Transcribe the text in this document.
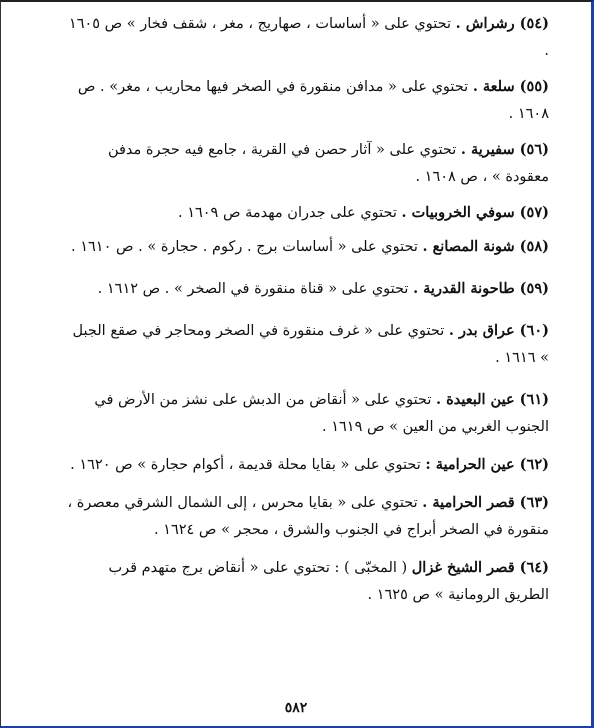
(٥٤) رشراش . تحتوي على « أساسات ، صهاريج ، مغر ، شقف فخار » ص ١٦٠٥ .

(٥٥) سلعة . تحتوي على « مدافن منقورة في الصخر فيها محاريب ، مغر» . ص ١٦٠٨ .

(٥٦) سفيرية . تحتوي على « آثار حصن في القرية ، جامع فيه حجرة مدفن معقودة » ، ص ١٦٠٨ .

(٥٧) سوفي الخروبيات . تحتوي على جدران مهدمة ص ١٦٠٩ .

(٥٨) شونة المصانع . تحتوي على « أساسات برج . ركوم . حجارة » . ص ١٦١٠ .

(٥٩) طاحونة القدرية . تحتوي على « قناة منقورة في الصخر » . ص ١٦١٢ .

(٦٠) عراق بدر . تحتوي على « غرف منقورة في الصخر ومحاجر في صقع الجبل » ١٦١٦ .

(٦١) عين البعيدة . تحتوي على « أنقاض من الدبش على نشز من الأرض في الجنوب الغربي من العين » ص ١٦١٩ .

(٦٢) عين الحرامية : تحتوي على « بقايا محلة قديمة ، أكوام حجارة » ص ١٦٢٠ .

(٦٣) قصر الحرامية . تحتوي على « بقايا محرس ، إلى الشمال الشرقي معصرة ، منقورة في الصخر أبراج في الجنوب والشرق ، محجر » ص ١٦٢٤ .

(٦٤) قصر الشيخ غزال ( المخبّى ) : تحتوي على « أنقاض برج متهدم قرب الطريق الرومانية » ص ١٦٢٥ .

٥٨٢
